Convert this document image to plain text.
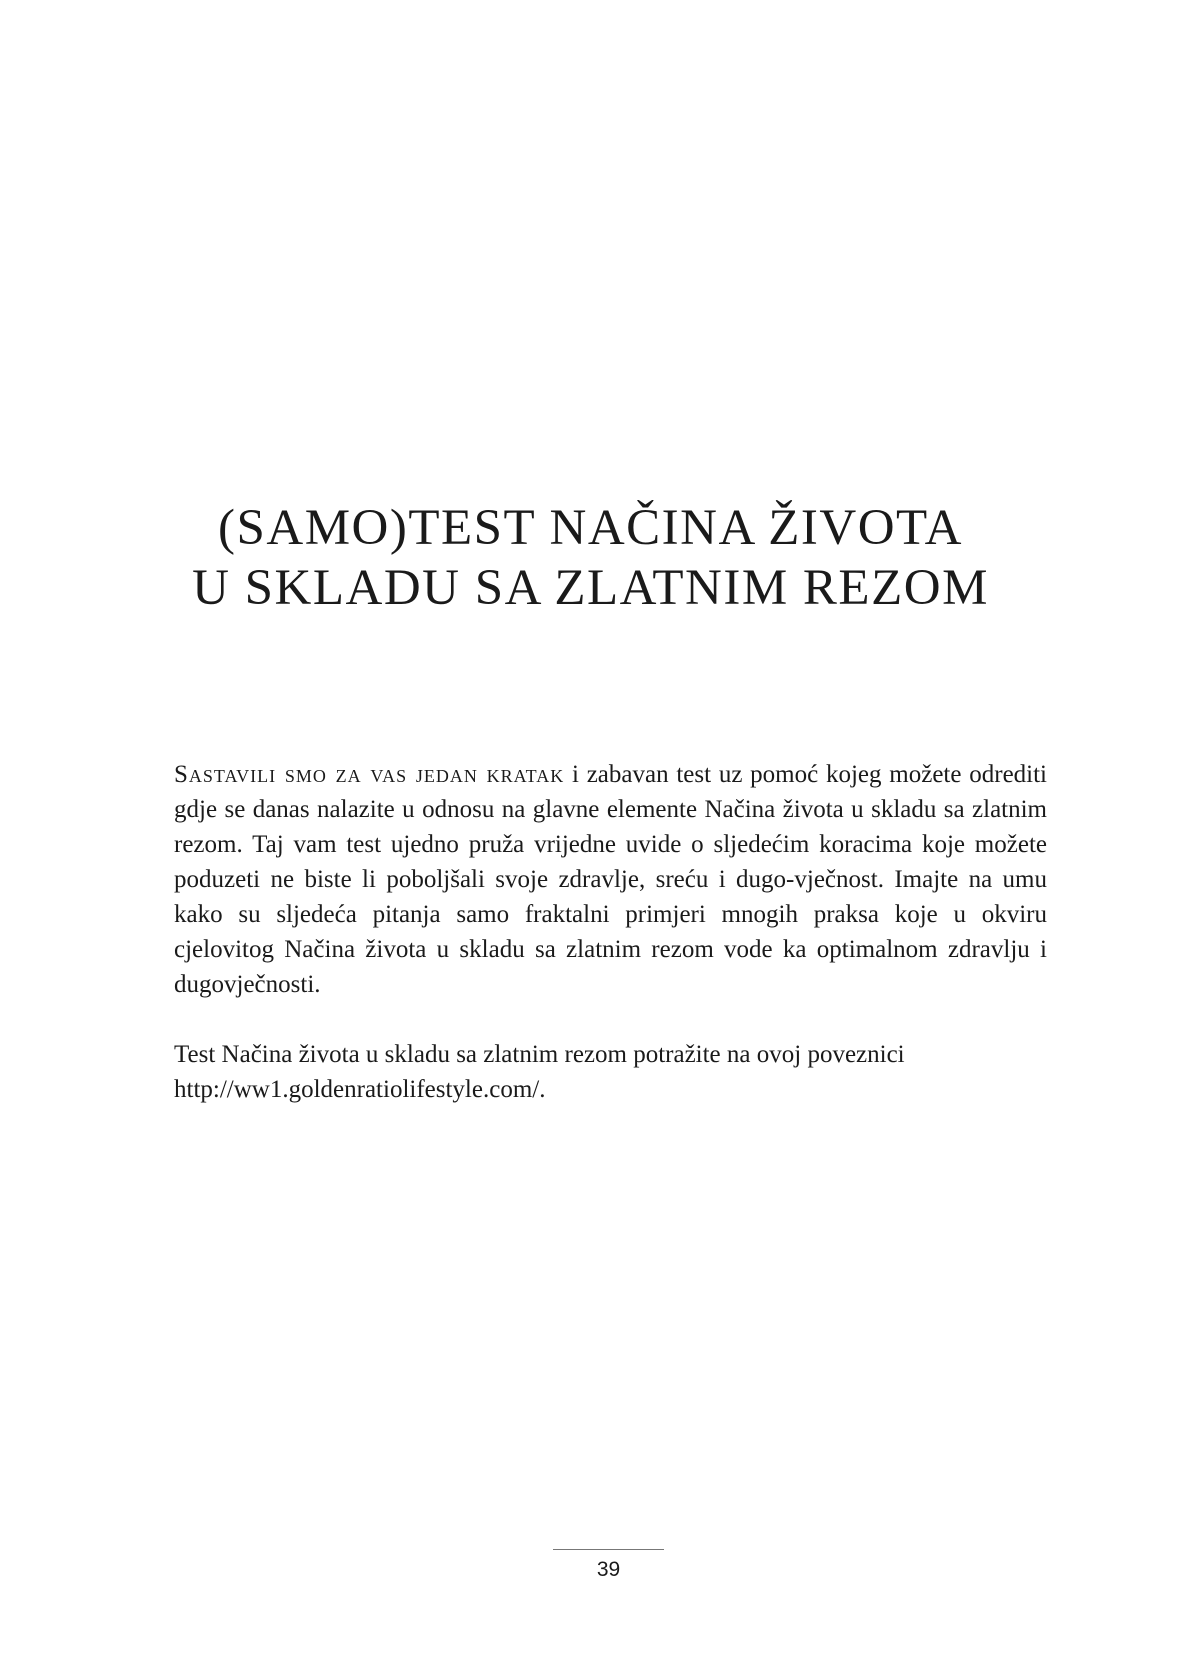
(SAMO)TEST NAČINA ŽIVOTA
U SKLADU SA ZLATNIM REZOM

Sastavili smo za vas jedan kratak i zabavan test uz pomoć kojeg možete odrediti gdje se danas nalazite u odnosu na glavne elemente Načina života u skladu sa zlatnim rezom. Taj vam test ujedno pruža vrijedne uvide o sljedećim koracima koje možete poduzeti ne biste li poboljšali svoje zdravlje, sreću i dugo-vječnost. Imajte na umu kako su sljedeća pitanja samo fraktalni primjeri mnogih praksa koje u okviru cjelovitog Načina života u skladu sa zlatnim rezom vode ka optimalnom zdravlju i dugovječnosti.

Test Načina života u skladu sa zlatnim rezom potražite na ovoj poveznici
http://ww1.goldenratiolifestyle.com/.

39
